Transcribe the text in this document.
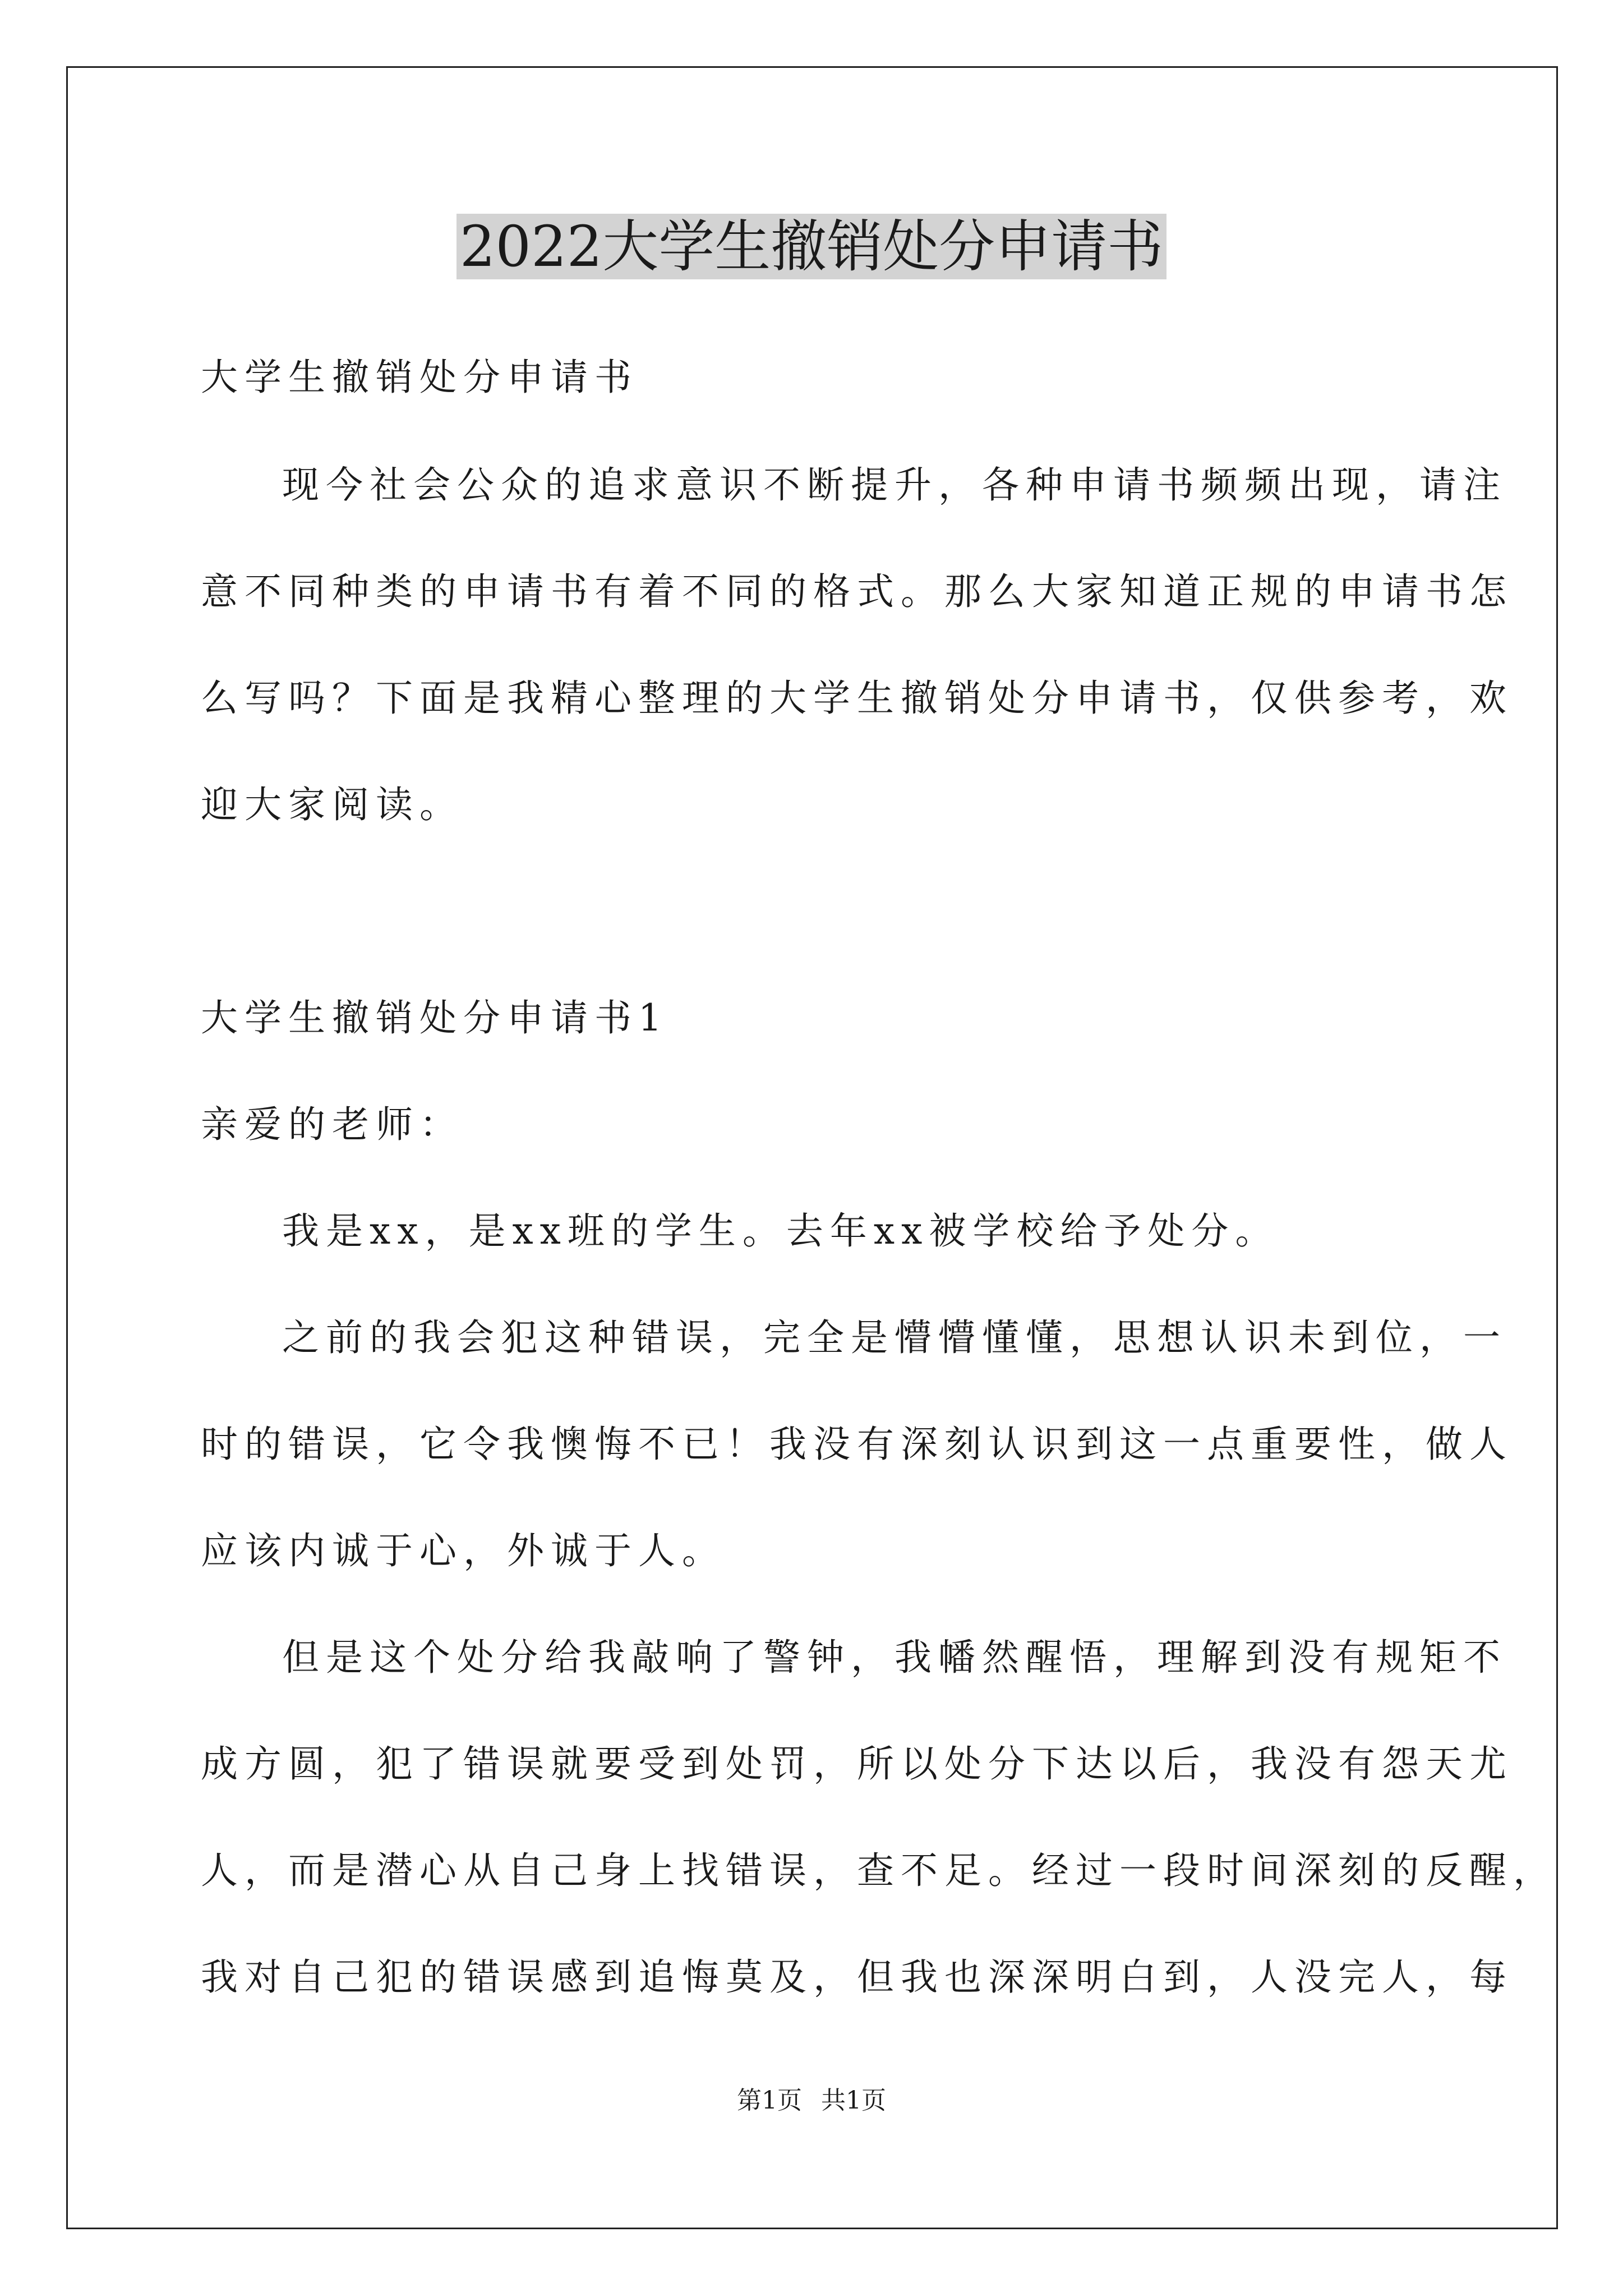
2022大学生撤销处分申请书
大学生撤销处分申请书
现今社会公众的追求意识不断提升，各种申请书频频出现，请注
意不同种类的申请书有着不同的格式。那么大家知道正规的申请书怎
么写吗？下面是我精心整理的大学生撤销处分申请书，仅供参考，欢
迎大家阅读。
大学生撤销处分申请书1
亲爱的老师：
我是xx，是xx班的学生。去年xx被学校给予处分。
之前的我会犯这种错误，完全是懵懵懂懂，思想认识未到位，一
时的错误，它令我懊悔不已！我没有深刻认识到这一点重要性，做人
应该内诚于心，外诚于人。
但是这个处分给我敲响了警钟，我幡然醒悟，理解到没有规矩不
成方圆，犯了错误就要受到处罚，所以处分下达以后，我没有怨天尤
人，而是潜心从自己身上找错误，查不足。经过一段时间深刻的反醒，
我对自己犯的错误感到追悔莫及，但我也深深明白到，人没完人，每
第1页 共1页
